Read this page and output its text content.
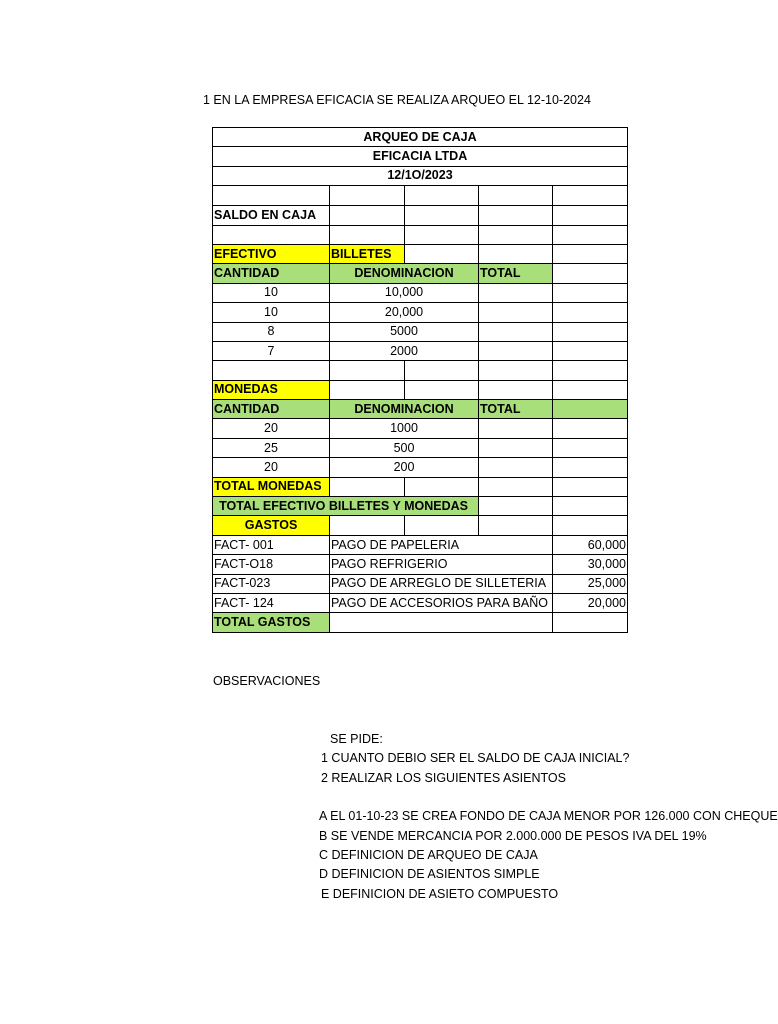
1 EN LA EMPRESA EFICACIA SE REALIZA ARQUEO EL 12-10-2024
ARQUEO DE CAJA				
EFICACIA LTDA				
12/1O/2023				

SALDO EN CAJA				

EFECTIVO	BILLETES			
CANTIDAD	DENOMINACION		TOTAL	
10	10,000			
10	20,000			
8	5000			
7	2000			

MONEDAS				
CANTIDAD	DENOMINACION		TOTAL	
20	1000			
25	500			
20	200			
TOTAL MONEDAS				
TOTAL EFECTIVO BILLETES Y MONEDAS				
GASTOS				
FACT- 001	PAGO DE PAPELERIA			60,000
FACT-O18	PAGO REFRIGERIO			30,000
FACT-023	PAGO DE ARREGLO DE SILLETERIA			25,000
FACT- 124	PAGO DE ACCESORIOS PARA BAÑO			20,000
TOTAL GASTOS				
OBSERVACIONES
SE PIDE:
1 CUANTO DEBIO SER EL SALDO DE CAJA INICIAL?
2 REALIZAR LOS SIGUIENTES ASIENTOS
A EL 01-10-23 SE CREA FONDO DE CAJA MENOR POR 126.000 CON CHEQUE
B SE VENDE MERCANCIA POR 2.000.000 DE PESOS IVA DEL 19%
C DEFINICION DE ARQUEO DE CAJA
D DEFINICION DE ASIENTOS SIMPLE
E DEFINICION DE ASIETO COMPUESTO
